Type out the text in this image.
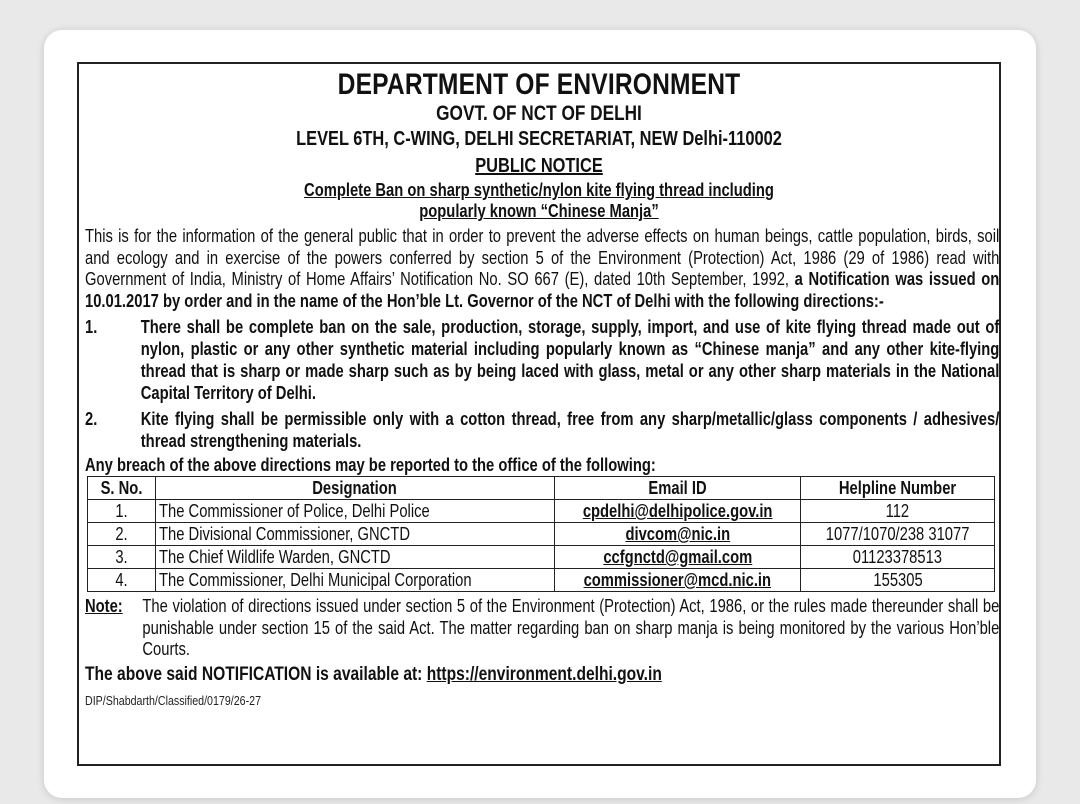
DEPARTMENT OF ENVIRONMENT
GOVT. OF NCT OF DELHI
LEVEL 6TH, C-WING, DELHI SECRETARIAT, NEW Delhi-110002
PUBLIC NOTICE
Complete Ban on sharp synthetic/nylon kite flying thread including
popularly known “Chinese Manja”
This is for the information of the general public that in order to prevent the adverse effects on human beings, cattle population, birds, soil and ecology and in exercise of the powers conferred by section 5 of the Environment (Protection) Act, 1986 (29 of 1986) read with Government of India, Ministry of Home Affairs’ Notification No. SO 667 (E), dated 10th September, 1992, a Notification was issued on 10.01.2017 by order and in the name of the Hon’ble Lt. Governor of the NCT of Delhi with the following directions:-
1.	There shall be complete ban on the sale, production, storage, supply, import, and use of kite flying thread made out of nylon, plastic or any other synthetic material including popularly known as “Chinese manja” and any other kite-flying thread that is sharp or made sharp such as by being laced with glass, metal or any other sharp materials in the National Capital Territory of Delhi.
2.	Kite flying shall be permissible only with a cotton thread, free from any sharp/metallic/glass components / adhesives/ thread strengthening materials.
Any breach of the above directions may be reported to the office of the following:
S. No.	Designation	Email ID	Helpline Number
1.	The Commissioner of Police, Delhi Police	cpdelhi@delhipolice.gov.in	112
2.	The Divisional Commissioner, GNCTD	divcom@nic.in	1077/1070/238 31077
3.	The Chief Wildlife Warden, GNCTD	ccfgnctd@gmail.com	01123378513
4.	The Commissioner, Delhi Municipal Corporation	commissioner@mcd.nic.in	155305
Note:	The violation of directions issued under section 5 of the Environment (Protection) Act, 1986, or the rules made thereunder shall be punishable under section 15 of the said Act. The matter regarding ban on sharp manja is being monitored by the various Hon’ble Courts.
The above said NOTIFICATION is available at: https://environment.delhi.gov.in
DIP/Shabdarth/Classified/0179/26-27
